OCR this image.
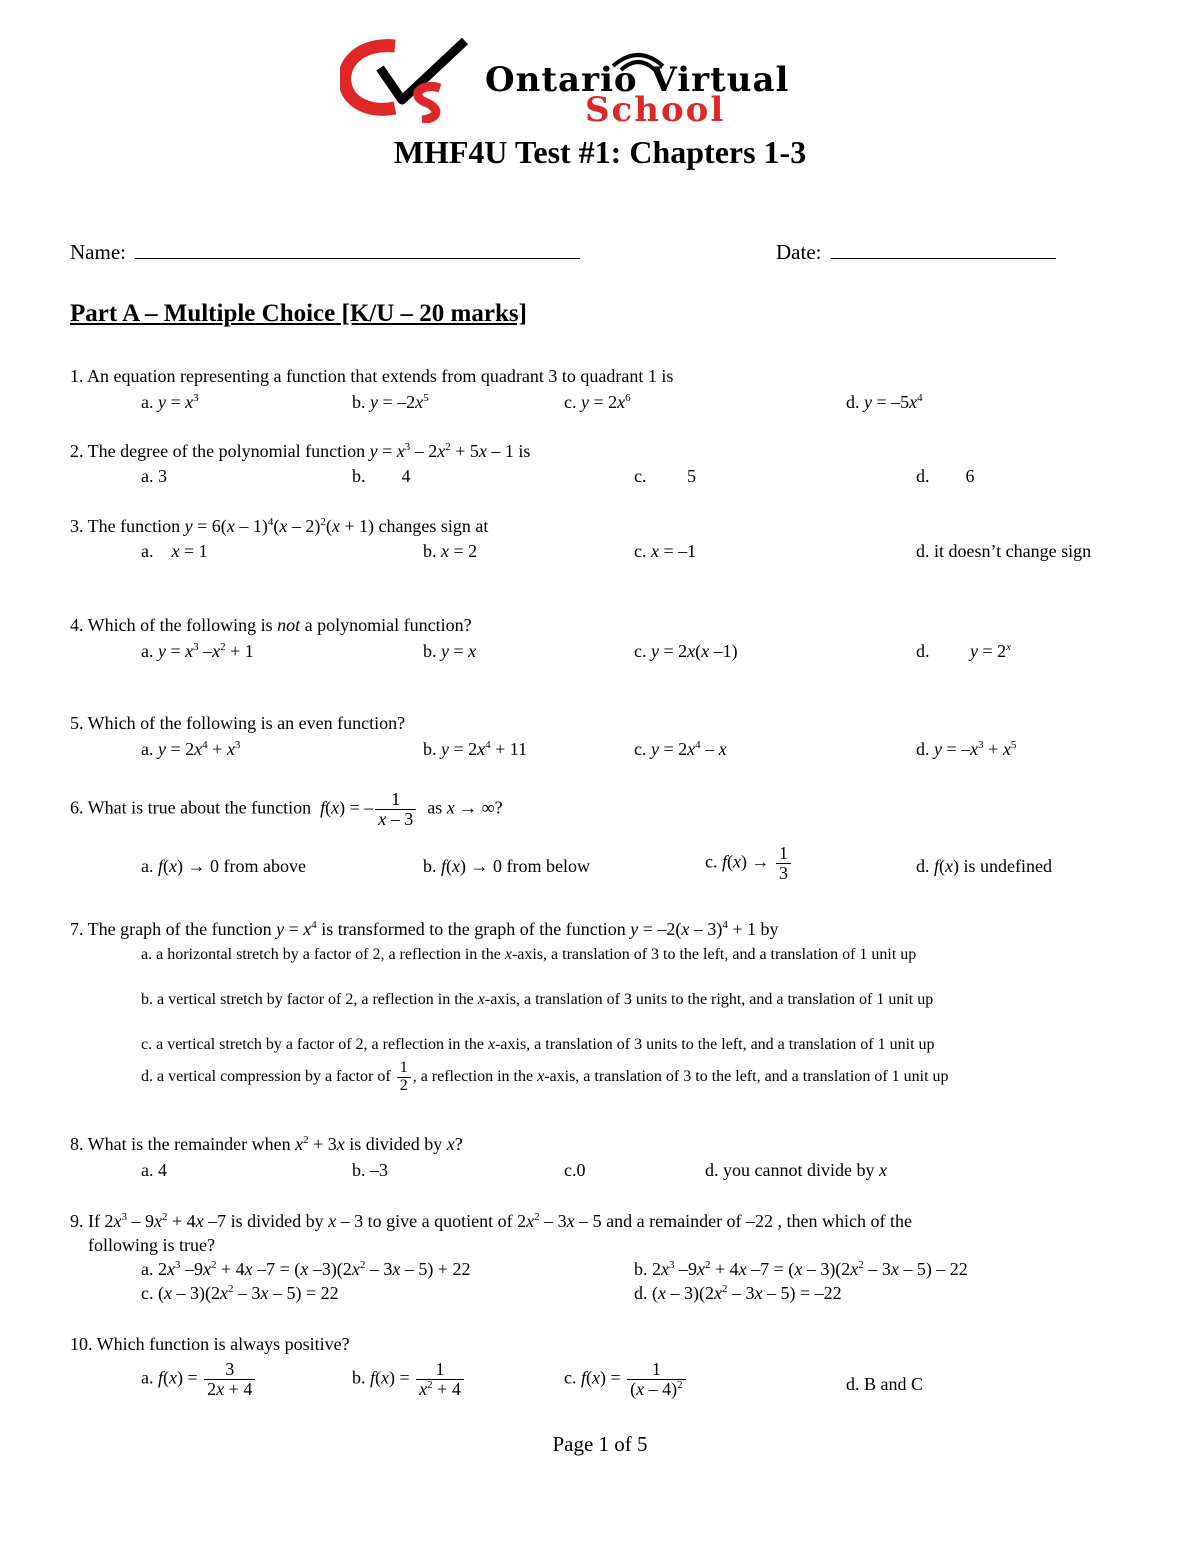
Ontario Virtual
School
MHF4U Test #1: Chapters 1-3
Name:	Date:
Part A – Multiple Choice [K/U – 20 marks]
1. An equation representing a function that extends from quadrant 3 to quadrant 1 is
a. $y = x^3$	b. $y = -2x^5$	c. $y = 2x^6$	d. $y = -5x^4$
2. The degree of the polynomial function $y = x^3 - 2x^2 + 5x - 1$ is
a. 3	b.        4	c.         5	d.        6
3. The function y = 6(x – 1)$^4$(x – 2)$^2$(x + 1) changes sign at
a.    x = 1	b. x = 2	c. x = –1	d. it doesn’t change sign
4. Which of the following is not a polynomial function?
a. $y = x^3$ $-x^2 + 1$	b. y = x	c. y = 2x(x –1)	d.         $y = 2^x$
5. Which of the following is an even function?
a. $y = 2x^4 + x^3$	b. $y = 2x^4 + 11$	c. $y = 2x^4 - x$	d. $y = -x^3 + x^5$
6. What is true about the function  f(x) = – $\frac{1}{x - 3}$ as x → ∞?
a. f(x) → 0 from above	b. f(x) → 0 from below	c. $f(x) \to \frac{1}{3}$	d. f(x) is undefined
7. The graph of the function $y = x^4$ is transformed to the graph of the function y = –2(x – 3)$^4$ + 1 by
a. a horizontal stretch by a factor of 2, a reflection in the x-axis, a translation of 3 to the left, and a translation of 1 unit up
b. a vertical stretch by factor of 2, a reflection in the x-axis, a translation of 3 units to the right, and a translation of 1 unit up
c. a vertical stretch by a factor of 2, a reflection in the x-axis, a translation of 3 units to the left, and a translation of 1 unit up
d. a vertical compression by a factor of $\frac{1}{2}$ , a reflection in the x-axis, a translation of 3 to the left, and a translation of 1 unit up
8. What is the remainder when $x^2 + 3x$ is divided by x?
a. 4	b. –3	c.0	d. you cannot divide by x
9. If $2x^3 - 9x^2 + 4x$ –7 is divided by x – 3 to give a quotient of $2x^2 - 3x - 5$ and a remainder of –22 , then which of the
following is true?
a. $2x^3$ $-9x^2 + 4x$ –7 = (x $-3)(2x^2 - 3x - 5) + 22$	b. $2x^3$ $-9x^2 + 4x$ $-7 = (x - 3)(2x^2 - 3x - 5) - 22$
c. $(x - 3)(2x^2 - 3x - 5) = 22$	d. $(x - 3)(2x^2 - 3x - 5) = -22$
10. Which function is always positive?
a. $f(x) = \frac{3}{2x + 4}$	b. $f(x) = \frac{1}{x^2 + 4}$	c. $f(x) = \frac{1}{(x - 4)^2}$	d. B and C
Page 1 of 5
